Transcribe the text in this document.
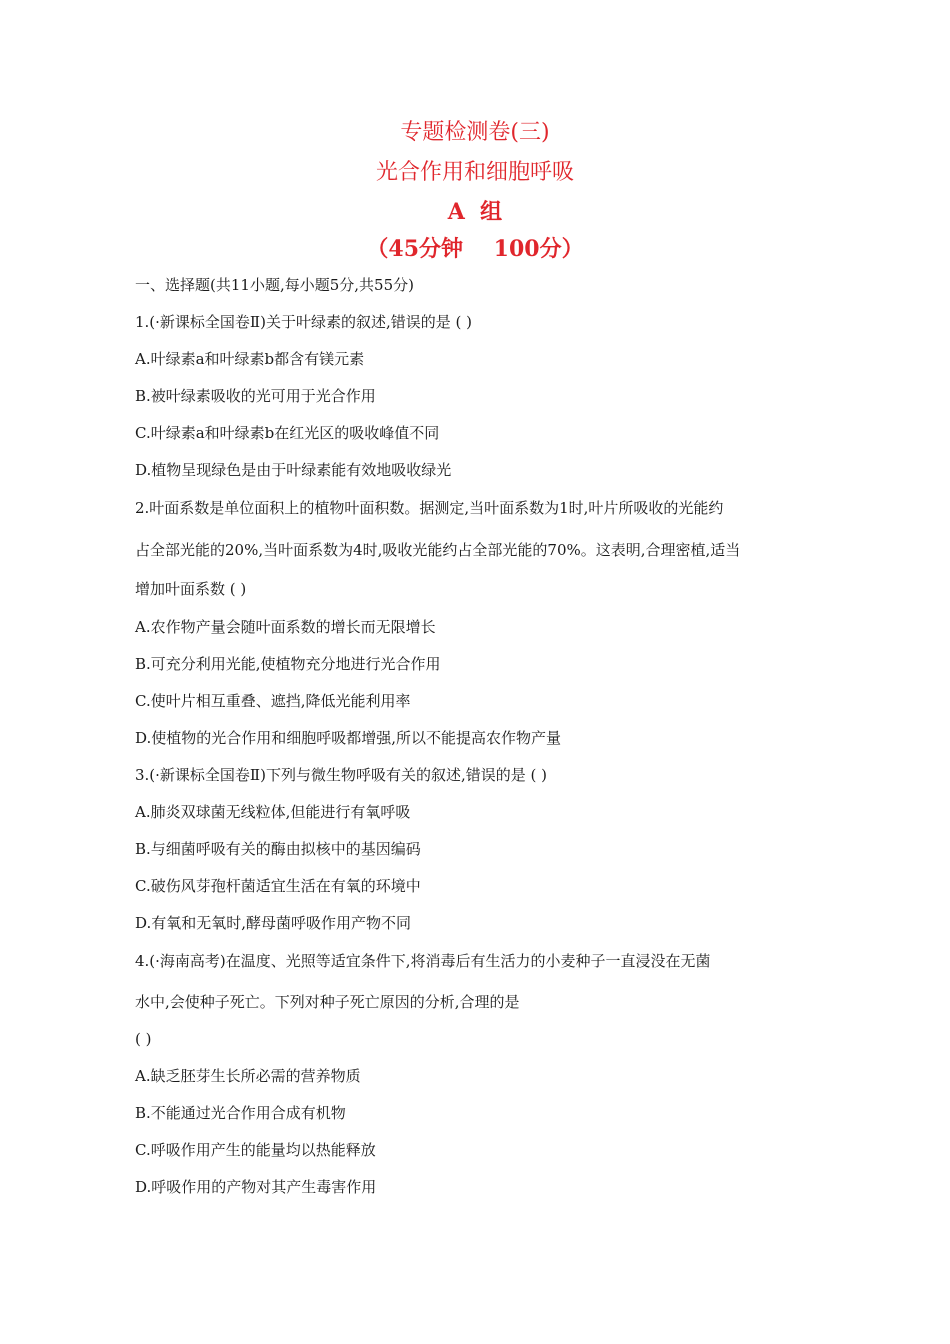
专题检测卷(三)
光合作用和细胞呼吸
A  组
（45分钟    100分）
一、选择题(共11小题,每小题5分,共55分)
1.(·新课标全国卷Ⅱ)关于叶绿素的叙述,错误的是 ( )
A.叶绿素a和叶绿素b都含有镁元素
B.被叶绿素吸收的光可用于光合作用
C.叶绿素a和叶绿素b在红光区的吸收峰值不同
D.植物呈现绿色是由于叶绿素能有效地吸收绿光
2.叶面系数是单位面积上的植物叶面积数。据测定,当叶面系数为1时,叶片所吸收的光能约
占全部光能的20%,当叶面系数为4时,吸收光能约占全部光能的70%。这表明,合理密植,适当
增加叶面系数 ( )
A.农作物产量会随叶面系数的增长而无限增长
B.可充分利用光能,使植物充分地进行光合作用
C.使叶片相互重叠、遮挡,降低光能利用率
D.使植物的光合作用和细胞呼吸都增强,所以不能提高农作物产量
3.(·新课标全国卷Ⅱ)下列与微生物呼吸有关的叙述,错误的是 ( )
A.肺炎双球菌无线粒体,但能进行有氧呼吸
B.与细菌呼吸有关的酶由拟核中的基因编码
C.破伤风芽孢杆菌适宜生活在有氧的环境中
D.有氧和无氧时,酵母菌呼吸作用产物不同
4.(·海南高考)在温度、光照等适宜条件下,将消毒后有生活力的小麦种子一直浸没在无菌
水中,会使种子死亡。下列对种子死亡原因的分析,合理的是
( )
A.缺乏胚芽生长所必需的营养物质
B.不能通过光合作用合成有机物
C.呼吸作用产生的能量均以热能释放
D.呼吸作用的产物对其产生毒害作用
